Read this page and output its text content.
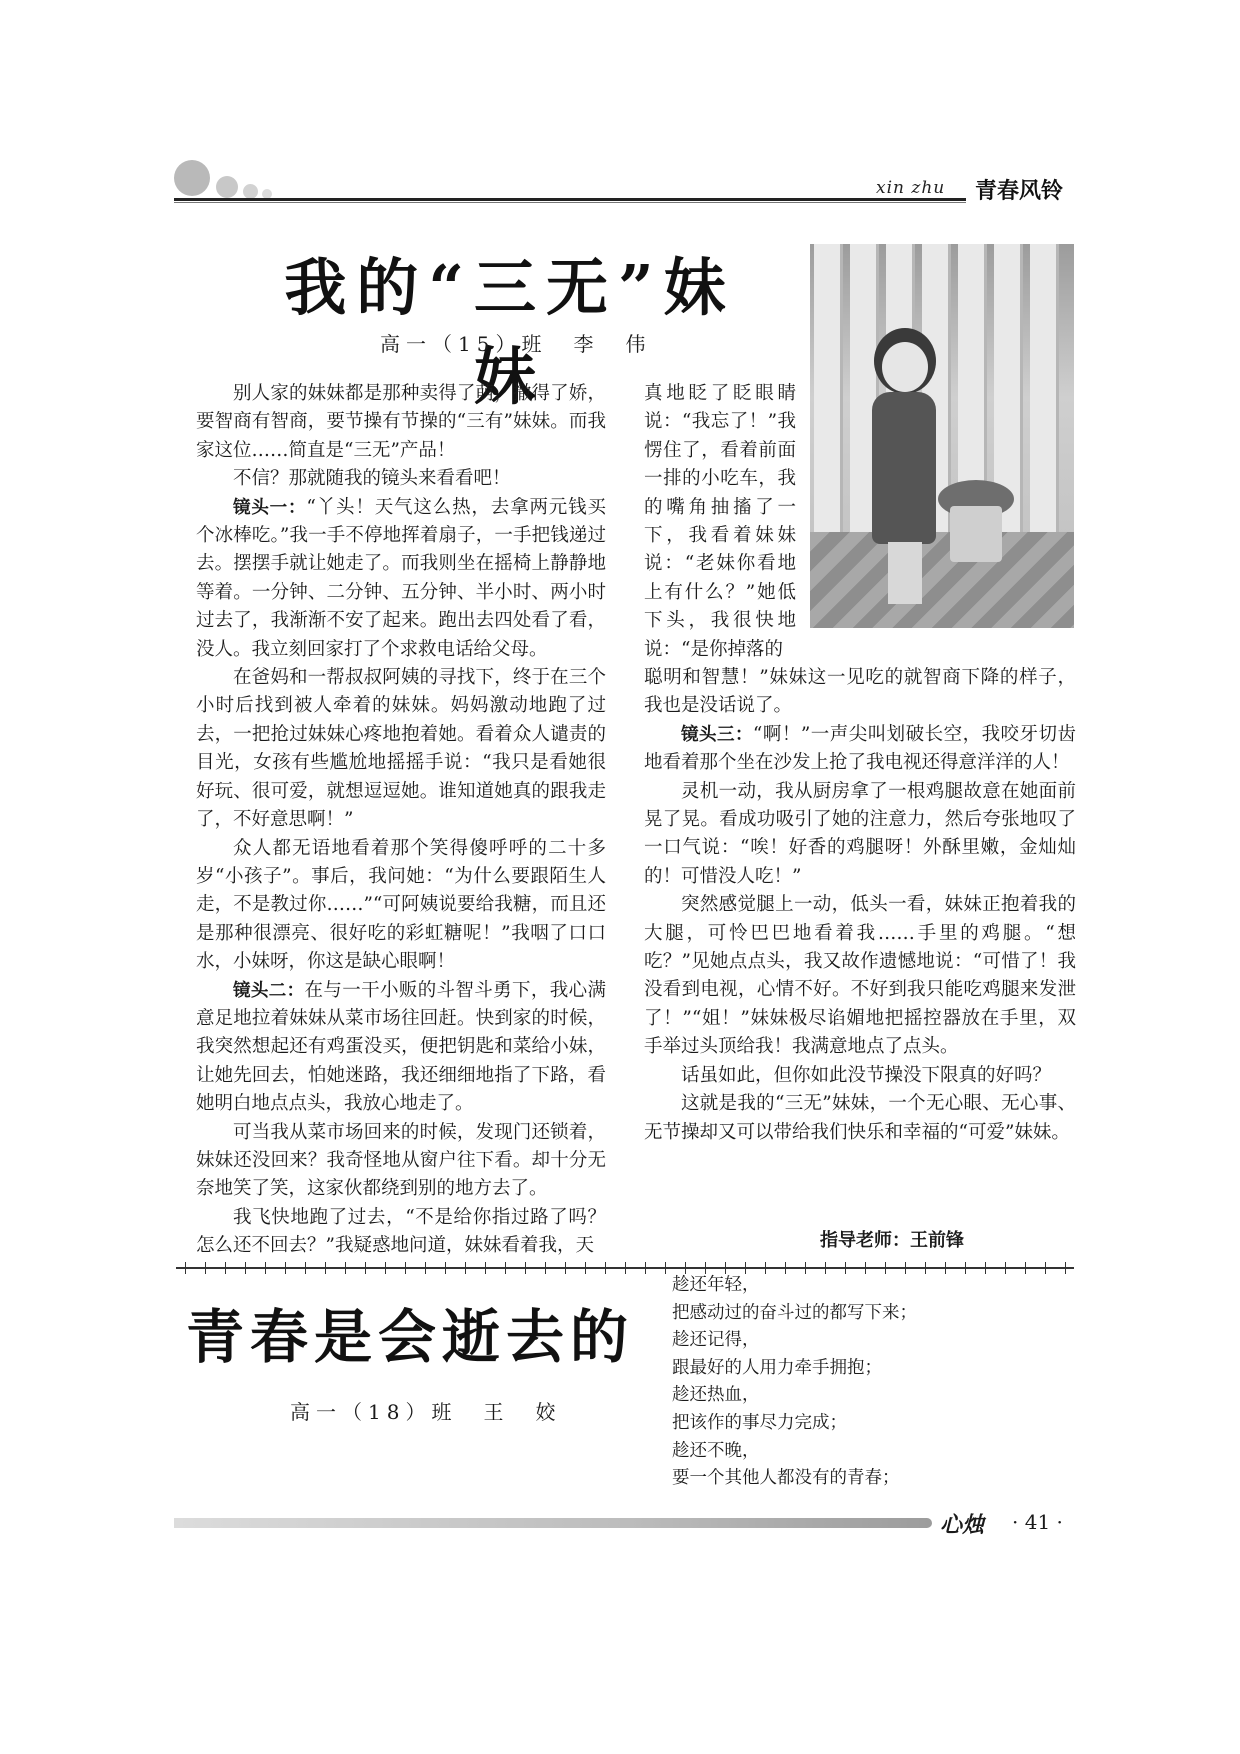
xin zhu 青春风铃
我的“三无”妹妹
高一（15）班　李　伟

别人家的妹妹都是那种卖得了萌，撒得了娇，要智商有智商，要节操有节操的“三有”妹妹。而我家这位……简直是“三无”产品！

不信？那就随我的镜头来看看吧！

镜头一：“丫头！天气这么热，去拿两元钱买个冰棒吃。”我一手不停地挥着扇子，一手把钱递过去。摆摆手就让她走了。而我则坐在摇椅上静静地等着。一分钟、二分钟、五分钟、半小时、两小时过去了，我渐渐不安了起来。跑出去四处看了看，没人。我立刻回家打了个求救电话给父母。

在爸妈和一帮叔叔阿姨的寻找下，终于在三个小时后找到被人牵着的妹妹。妈妈激动地跑了过去，一把抢过妹妹心疼地抱着她。看着众人谴责的目光，女孩有些尴尬地摇摇手说：“我只是看她很好玩、很可爱，就想逗逗她。谁知道她真的跟我走了，不好意思啊！”

众人都无语地看着那个笑得傻呼呼的二十多岁“小孩子”。事后，我问她：“为什么要跟陌生人走，不是教过你……”“可阿姨说要给我糖，而且还是那种很漂亮、很好吃的彩虹糖呢！”我咽了口口水，小妹呀，你这是缺心眼啊！

镜头二：在与一干小贩的斗智斗勇下，我心满意足地拉着妹妹从菜市场往回赶。快到家的时候，我突然想起还有鸡蛋没买，便把钥匙和菜给小妹，让她先回去，怕她迷路，我还细细地指了下路，看她明白地点点头，我放心地走了。

可当我从菜市场回来的时候，发现门还锁着，妹妹还没回来？我奇怪地从窗户往下看。却十分无奈地笑了笑，这家伙都绕到别的地方去了。

我飞快地跑了过去，“不是给你指过路了吗？怎么还不回去？”我疑惑地问道，妹妹看着我，天

真地眨了眨眼睛说：“我忘了！”我愣住了，看着前面一排的小吃车，我的嘴角抽搐了一下，我看着妹妹说：“老妹你看地上有什么？”她低下头，我很快地说：“是你掉落的

聪明和智慧！”妹妹这一见吃的就智商下降的样子，我也是没话说了。

镜头三：“啊！”一声尖叫划破长空，我咬牙切齿地看着那个坐在沙发上抢了我电视还得意洋洋的人！

灵机一动，我从厨房拿了一根鸡腿故意在她面前晃了晃。看成功吸引了她的注意力，然后夸张地叹了一口气说：“唉！好香的鸡腿呀！外酥里嫩，金灿灿的！可惜没人吃！”

突然感觉腿上一动，低头一看，妹妹正抱着我的大腿，可怜巴巴地看着我……手里的鸡腿。“想吃？”见她点点头，我又故作遗憾地说：“可惜了！我没看到电视，心情不好。不好到我只能吃鸡腿来发泄了！”“姐！”妹妹极尽谄媚地把摇控器放在手里，双手举过头顶给我！我满意地点了点头。

话虽如此，但你如此没节操没下限真的好吗？

这就是我的“三无”妹妹，一个无心眼、无心事、无节操却又可以带给我们快乐和幸福的“可爱”妹妹。

指导老师：王前锋
青春是会逝去的
高一（18）班　王　姣
趁还年轻，
把感动过的奋斗过的都写下来；
趁还记得，
跟最好的人用力牵手拥抱；
趁还热血，
把该作的事尽力完成；
趁还不晚，
要一个其他人都没有的青春；
心烛 · 41 ·
